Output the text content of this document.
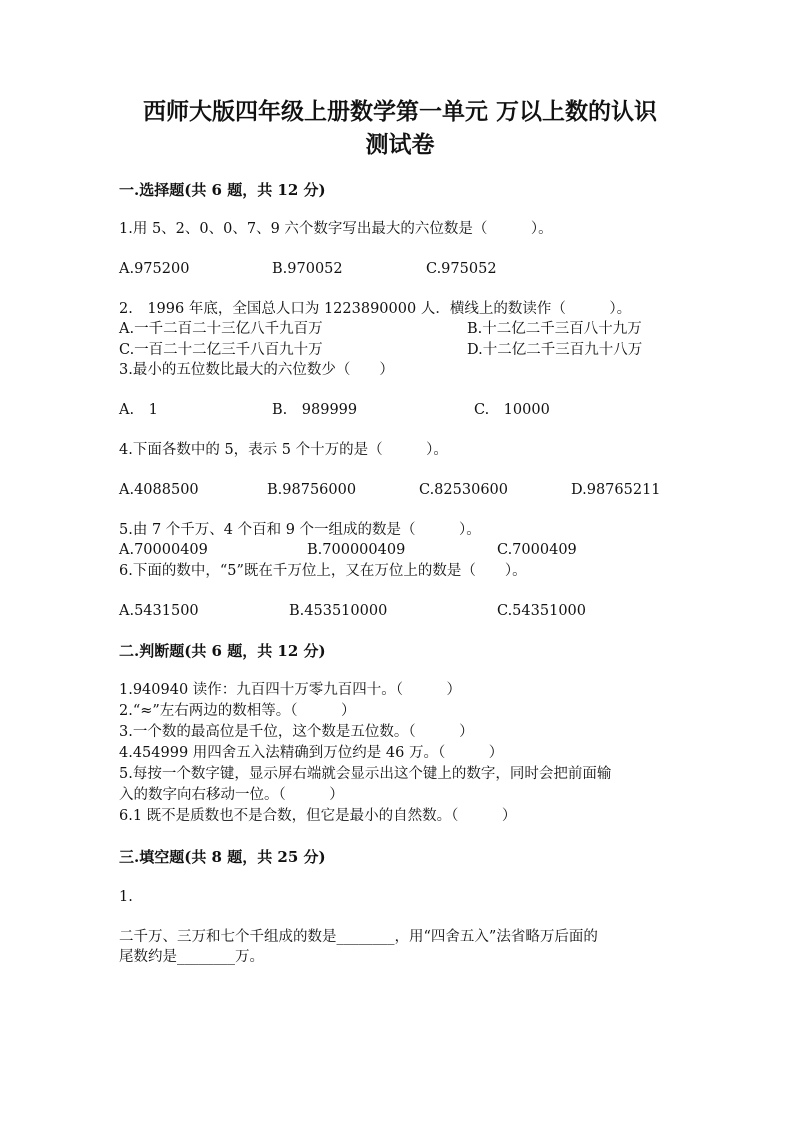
西师大版四年级上册数学第一单元 万以上数的认识
测试卷
一.选择题(共 6 题，共 12 分)
1.用 5、2、0、0、7、9 六个数字写出最大的六位数是（　　　）。
A.975200	B.970052	C.975052
2.　1996 年底，全国总人口为 1223890000 人．横线上的数读作（　　　）。
A.一千二百二十三亿八千九百万	B.十二亿二千三百八十九万
C.一百二十二亿三千八百九十万	D.十二亿二千三百九十八万
3.最小的五位数比最大的六位数少（　　）
A.　1	B.　989999	C.　10000
4.下面各数中的 5，表示 5 个十万的是（　　　）。
A.4088500	B.98756000	C.82530600	D.98765211
5.由 7 个千万、4 个百和 9 个一组成的数是（　　　）。
A.70000409	B.700000409	C.7000409
6.下面的数中，“5”既在千万位上，又在万位上的数是（　　）。
A.5431500	B.453510000	C.54351000
二.判断题(共 6 题，共 12 分)
1.940940 读作：九百四十万零九百四十。（　　　）
2.“≈”左右两边的数相等。（　　　）
3.一个数的最高位是千位，这个数是五位数。（　　　）
4.454999 用四舍五入法精确到万位约是 46 万。（　　　）
5.每按一个数字键，显示屏右端就会显示出这个键上的数字，同时会把前面输
入的数字向右移动一位。（　　　）
6.1 既不是质数也不是合数，但它是最小的自然数。（　　　）
三.填空题(共 8 题，共 25 分)
1.
二千万、三万和七个千组成的数是________，用“四舍五入”法省略万后面的
尾数约是________万。
